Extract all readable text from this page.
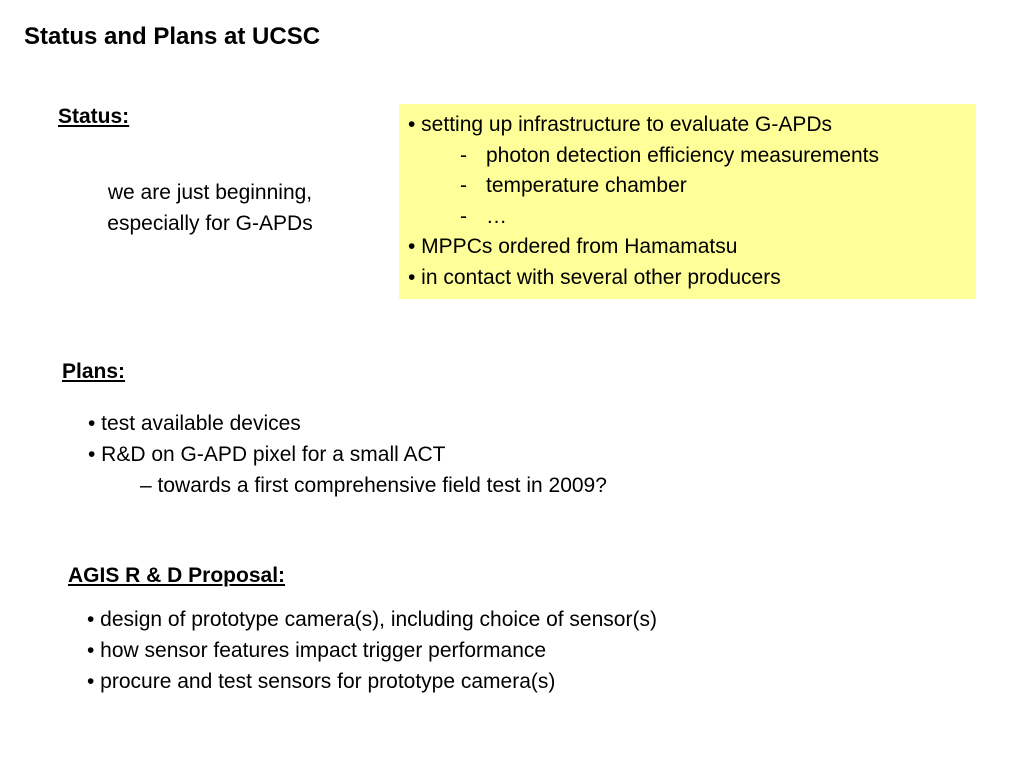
Status and Plans at UCSC
Status:
we are just beginning,
especially for G-APDs
• setting up infrastructure to evaluate G-APDs
- photon detection efficiency measurements
- temperature chamber
- …
• MPPCs ordered from Hamamatsu
• in contact with several other producers
Plans:
• test available devices
• R&D on G-APD pixel for a small ACT
– towards a first comprehensive field test in 2009?
AGIS R & D Proposal:
• design of prototype camera(s), including choice of sensor(s)
• how sensor features impact trigger performance
• procure and test sensors for prototype camera(s)
